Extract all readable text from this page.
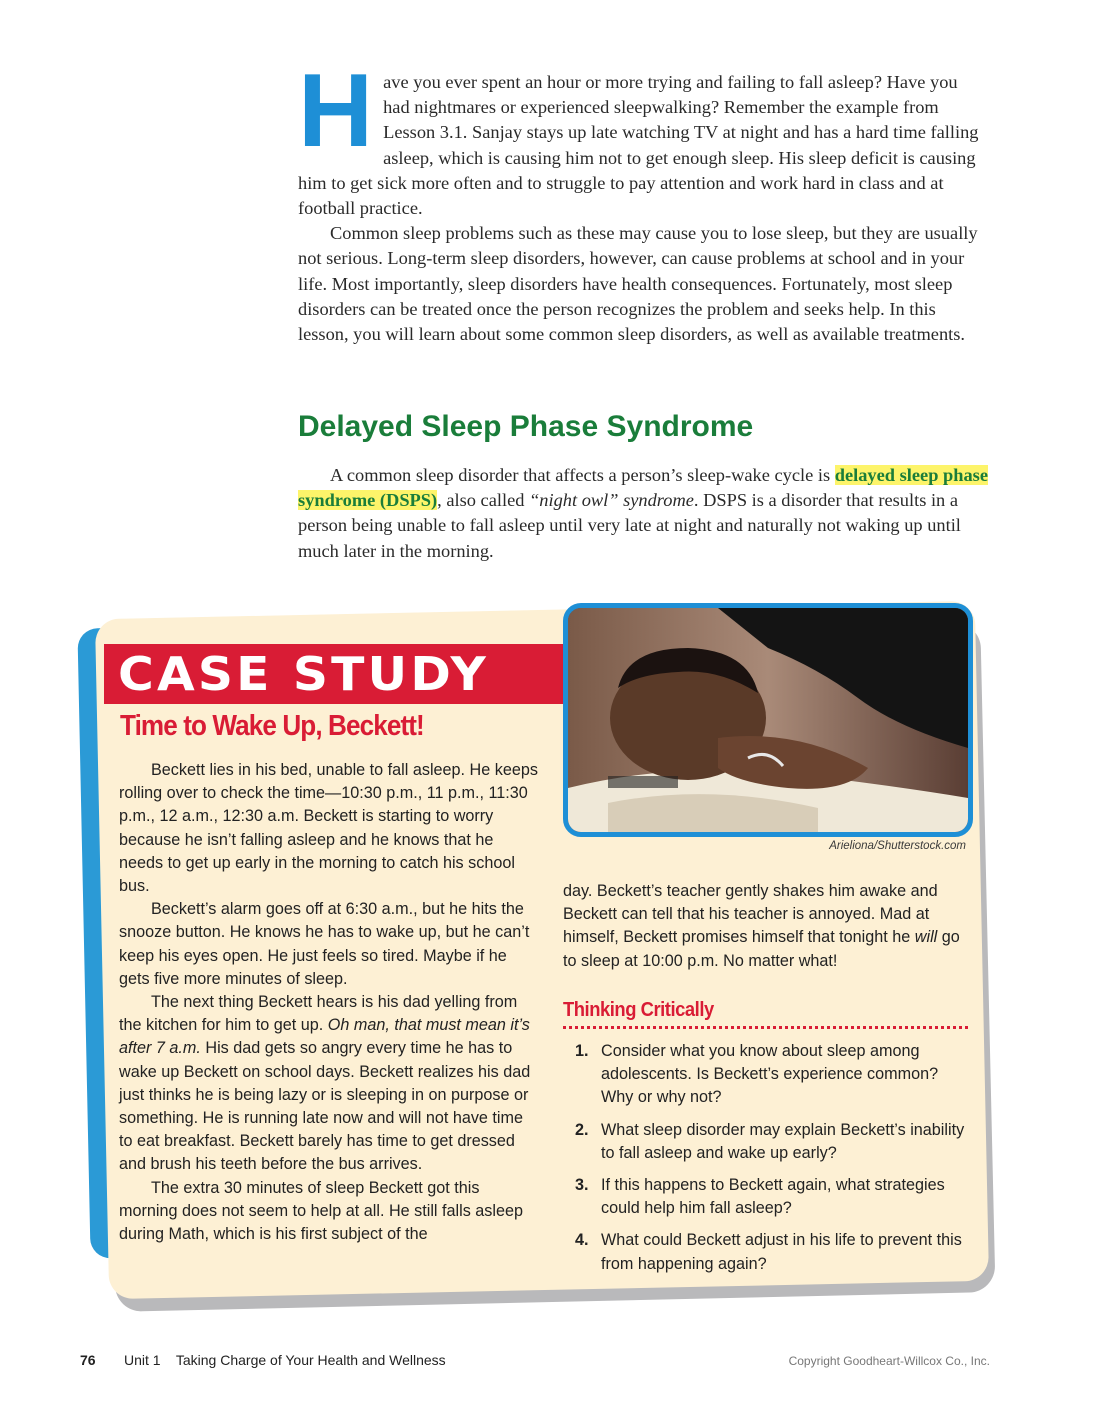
Have you ever spent an hour or more trying and failing to fall asleep? Have you had nightmares or experienced sleepwalking? Remember the example from Lesson 3.1. Sanjay stays up late watching TV at night and has a hard time falling asleep, which is causing him not to get enough sleep. His sleep deficit is causing him to get sick more often and to struggle to pay attention and work hard in class and at football practice.

Common sleep problems such as these may cause you to lose sleep, but they are usually not serious. Long-term sleep disorders, however, can cause problems at school and in your life. Most importantly, sleep disorders have health consequences. Fortunately, most sleep disorders can be treated once the person recognizes the problem and seeks help. In this lesson, you will learn about some common sleep disorders, as well as available treatments.

Delayed Sleep Phase Syndrome

A common sleep disorder that affects a person’s sleep-wake cycle is delayed sleep phase syndrome (DSPS), also called “night owl” syndrome. DSPS is a disorder that results in a person being unable to fall asleep until very late at night and naturally not waking up until much later in the morning.

CASE STUDY
Arieliona/Shutterstock.com
Time to Wake Up, Beckett!

Beckett lies in his bed, unable to fall asleep. He keeps rolling over to check the time—10:30 p.m., 11 p.m., 11:30 p.m., 12 a.m., 12:30 a.m. Beckett is starting to worry because he isn’t falling asleep and he knows that he needs to get up early in the morning to catch his school bus.

Beckett’s alarm goes off at 6:30 a.m., but he hits the snooze button. He knows he has to wake up, but he can’t keep his eyes open. He just feels so tired. Maybe if he gets five more minutes of sleep.

The next thing Beckett hears is his dad yelling from the kitchen for him to get up. Oh man, that must mean it’s after 7 a.m. His dad gets so angry every time he has to wake up Beckett on school days. Beckett realizes his dad just thinks he is being lazy or is sleeping in on purpose or something. He is running late now and will not have time to eat breakfast. Beckett barely has time to get dressed and brush his teeth before the bus arrives.

The extra 30 minutes of sleep Beckett got this morning does not seem to help at all. He still falls asleep during Math, which is his first subject of the

day. Beckett’s teacher gently shakes him awake and Beckett can tell that his teacher is annoyed. Mad at himself, Beckett promises himself that tonight he will go to sleep at 10:00 p.m. No matter what!

Thinking Critically
1. Consider what you know about sleep among adolescents. Is Beckett’s experience common? Why or why not?
2. What sleep disorder may explain Beckett’s inability to fall asleep and wake up early?
3. If this happens to Beckett again, what strategies could help him fall asleep?
4. What could Beckett adjust in his life to prevent this from happening again?
76 Unit 1    Taking Charge of Your Health and Wellness	Copyright Goodheart-Willcox Co., Inc.
